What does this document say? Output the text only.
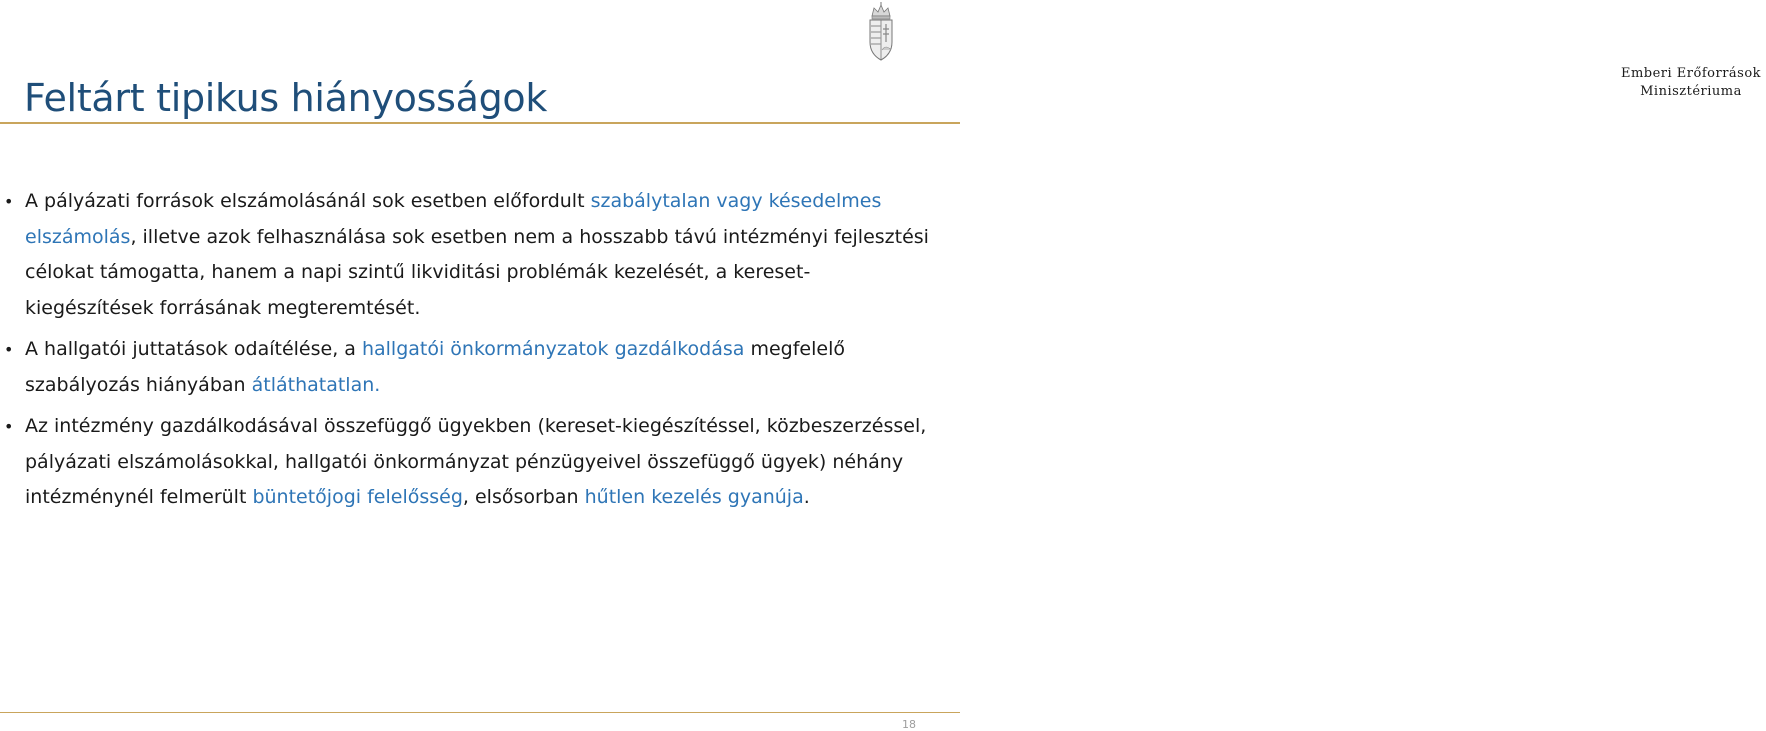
Feltárt tipikus hiányosságok
Emberi Erőforrások
Minisztériuma
• A pályázati források elszámolásánál sok esetben előfordult szabálytalan vagy késedelmes elszámolás, illetve azok felhasználása sok esetben nem a hosszabb távú intézményi fejlesztési célokat támogatta, hanem a napi szintű likviditási problémák kezelését, a kereset-kiegészítések forrásának megteremtését.
• A hallgatói juttatások odaítélése, a hallgatói önkormányzatok gazdálkodása megfelelő szabályozás hiányában átláthatatlan.
• Az intézmény gazdálkodásával összefüggő ügyekben (kereset-kiegészítéssel, közbeszerzéssel, pályázati elszámolásokkal, hallgatói önkormányzat pénzügyeivel összefüggő ügyek) néhány intézménynél felmerült büntetőjogi felelősség, elsősorban hűtlen kezelés gyanúja.
18
